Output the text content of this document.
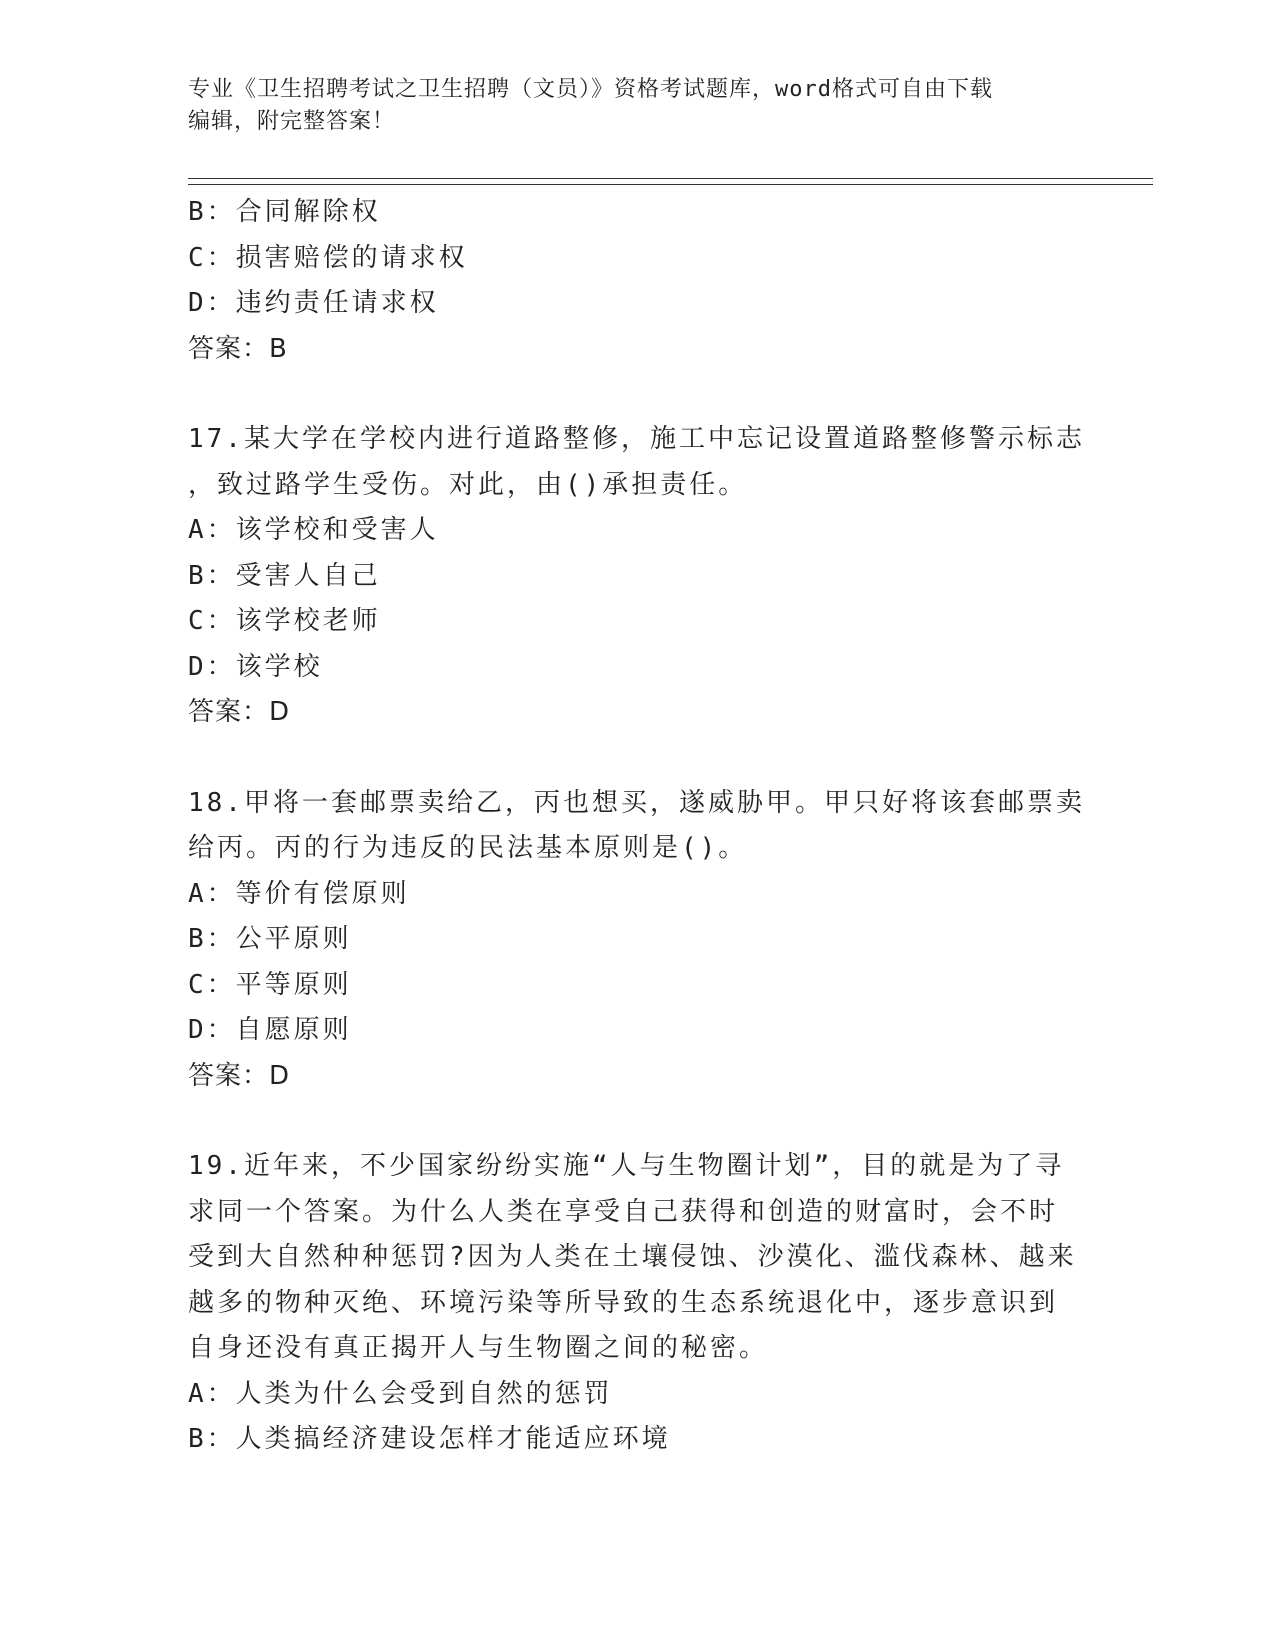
专业《卫生招聘考试之卫生招聘（文员）》资格考试题库，word格式可自由下载
编辑，附完整答案！
B：合同解除权
C：损害赔偿的请求权
D：违约责任请求权
答案：B
17.某大学在学校内进行道路整修，施工中忘记设置道路整修警示标志
，致过路学生受伤。对此，由()承担责任。
A：该学校和受害人
B：受害人自己
C：该学校老师
D：该学校
答案：D
18.甲将一套邮票卖给乙，丙也想买，遂威胁甲。甲只好将该套邮票卖
给丙。丙的行为违反的民法基本原则是()。
A：等价有偿原则
B：公平原则
C：平等原则
D：自愿原则
答案：D
19.近年来，不少国家纷纷实施“人与生物圈计划”，目的就是为了寻
求同一个答案。为什么人类在享受自己获得和创造的财富时，会不时
受到大自然种种惩罚?因为人类在土壤侵蚀、沙漠化、滥伐森林、越来
越多的物种灭绝、环境污染等所导致的生态系统退化中，逐步意识到
自身还没有真正揭开人与生物圈之间的秘密。
A：人类为什么会受到自然的惩罚
B：人类搞经济建设怎样才能适应环境
